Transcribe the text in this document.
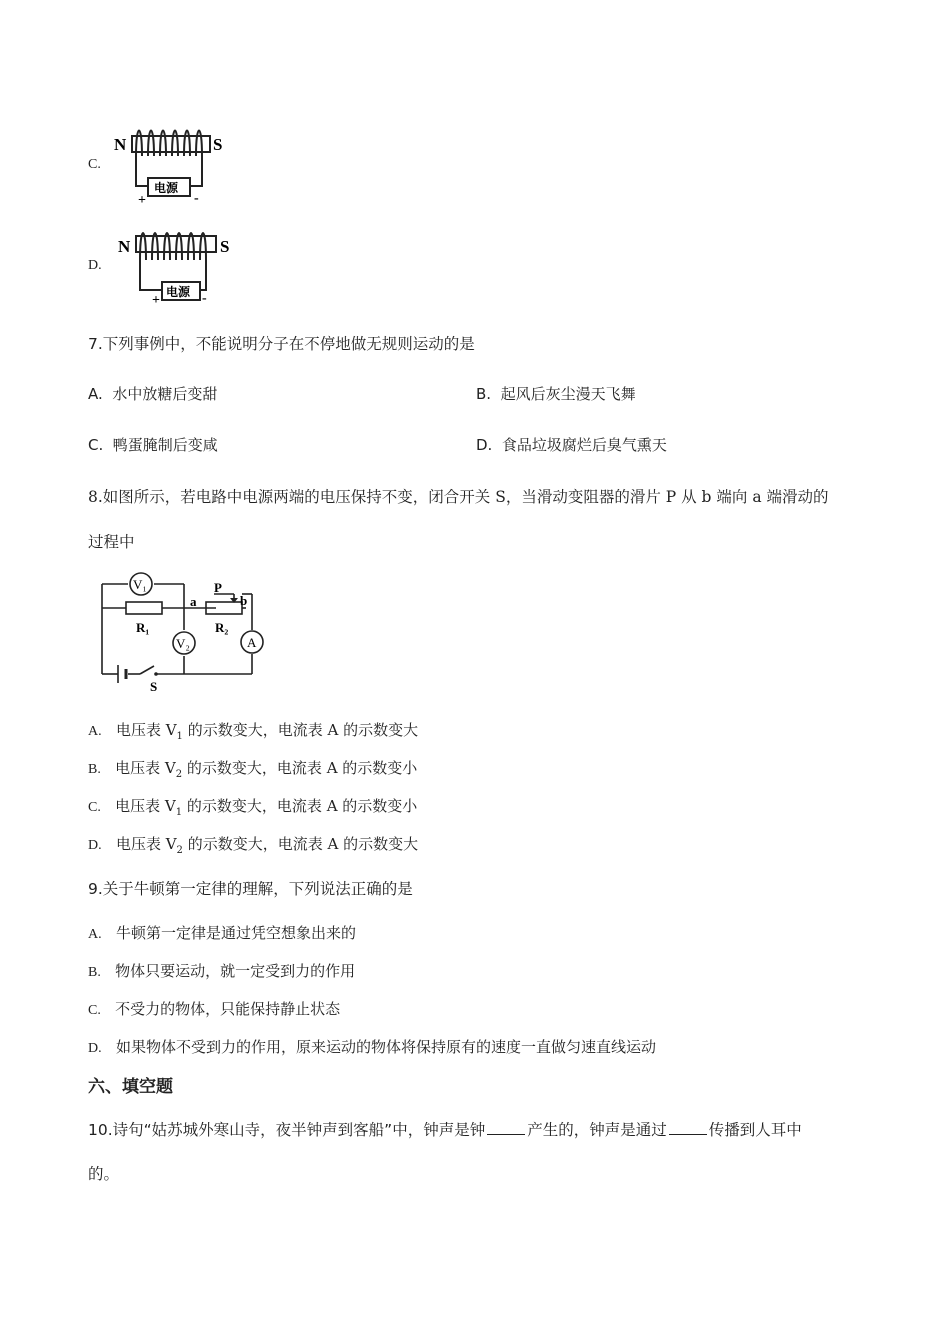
C.
N	S
电源
+	-
D.
N	S
电源
+	-
7.下列事例中，不能说明分子在不停地做无规则运动的是
A. 水中放糖后变甜	B. 起风后灰尘漫天飞舞
C. 鸭蛋腌制后变咸	D. 食品垃圾腐烂后臭气熏天
8.如图所示，若电路中电源两端的电压保持不变，闭合开关 S，当滑动变阻器的滑片 P 从 b 端向 a 端滑动的
过程中
V₁
V₂	A
R₁	R₂
a	b
P
S
A. 电压表 $V_1$ 的示数变大，电流表 A 的示数变大
B. 电压表 $V_2$ 的示数变大，电流表 A 的示数变小
C. 电压表 $V_1$ 的示数变大，电流表 A 的示数变小
D. 电压表 $V_2$ 的示数变大，电流表 A 的示数变大
9.关于牛顿第一定律的理解，下列说法正确的是
A. 牛顿第一定律是通过凭空想象出来的
B. 物体只要运动，就一定受到力的作用
C. 不受力的物体，只能保持静止状态
D. 如果物体不受到力的作用，原来运动的物体将保持原有的速度一直做匀速直线运动
六、填空题
10.诗句“姑苏城外寒山寺，夜半钟声到客船”中，钟声是钟	产生的，钟声是通过	传播到人耳中
的。
